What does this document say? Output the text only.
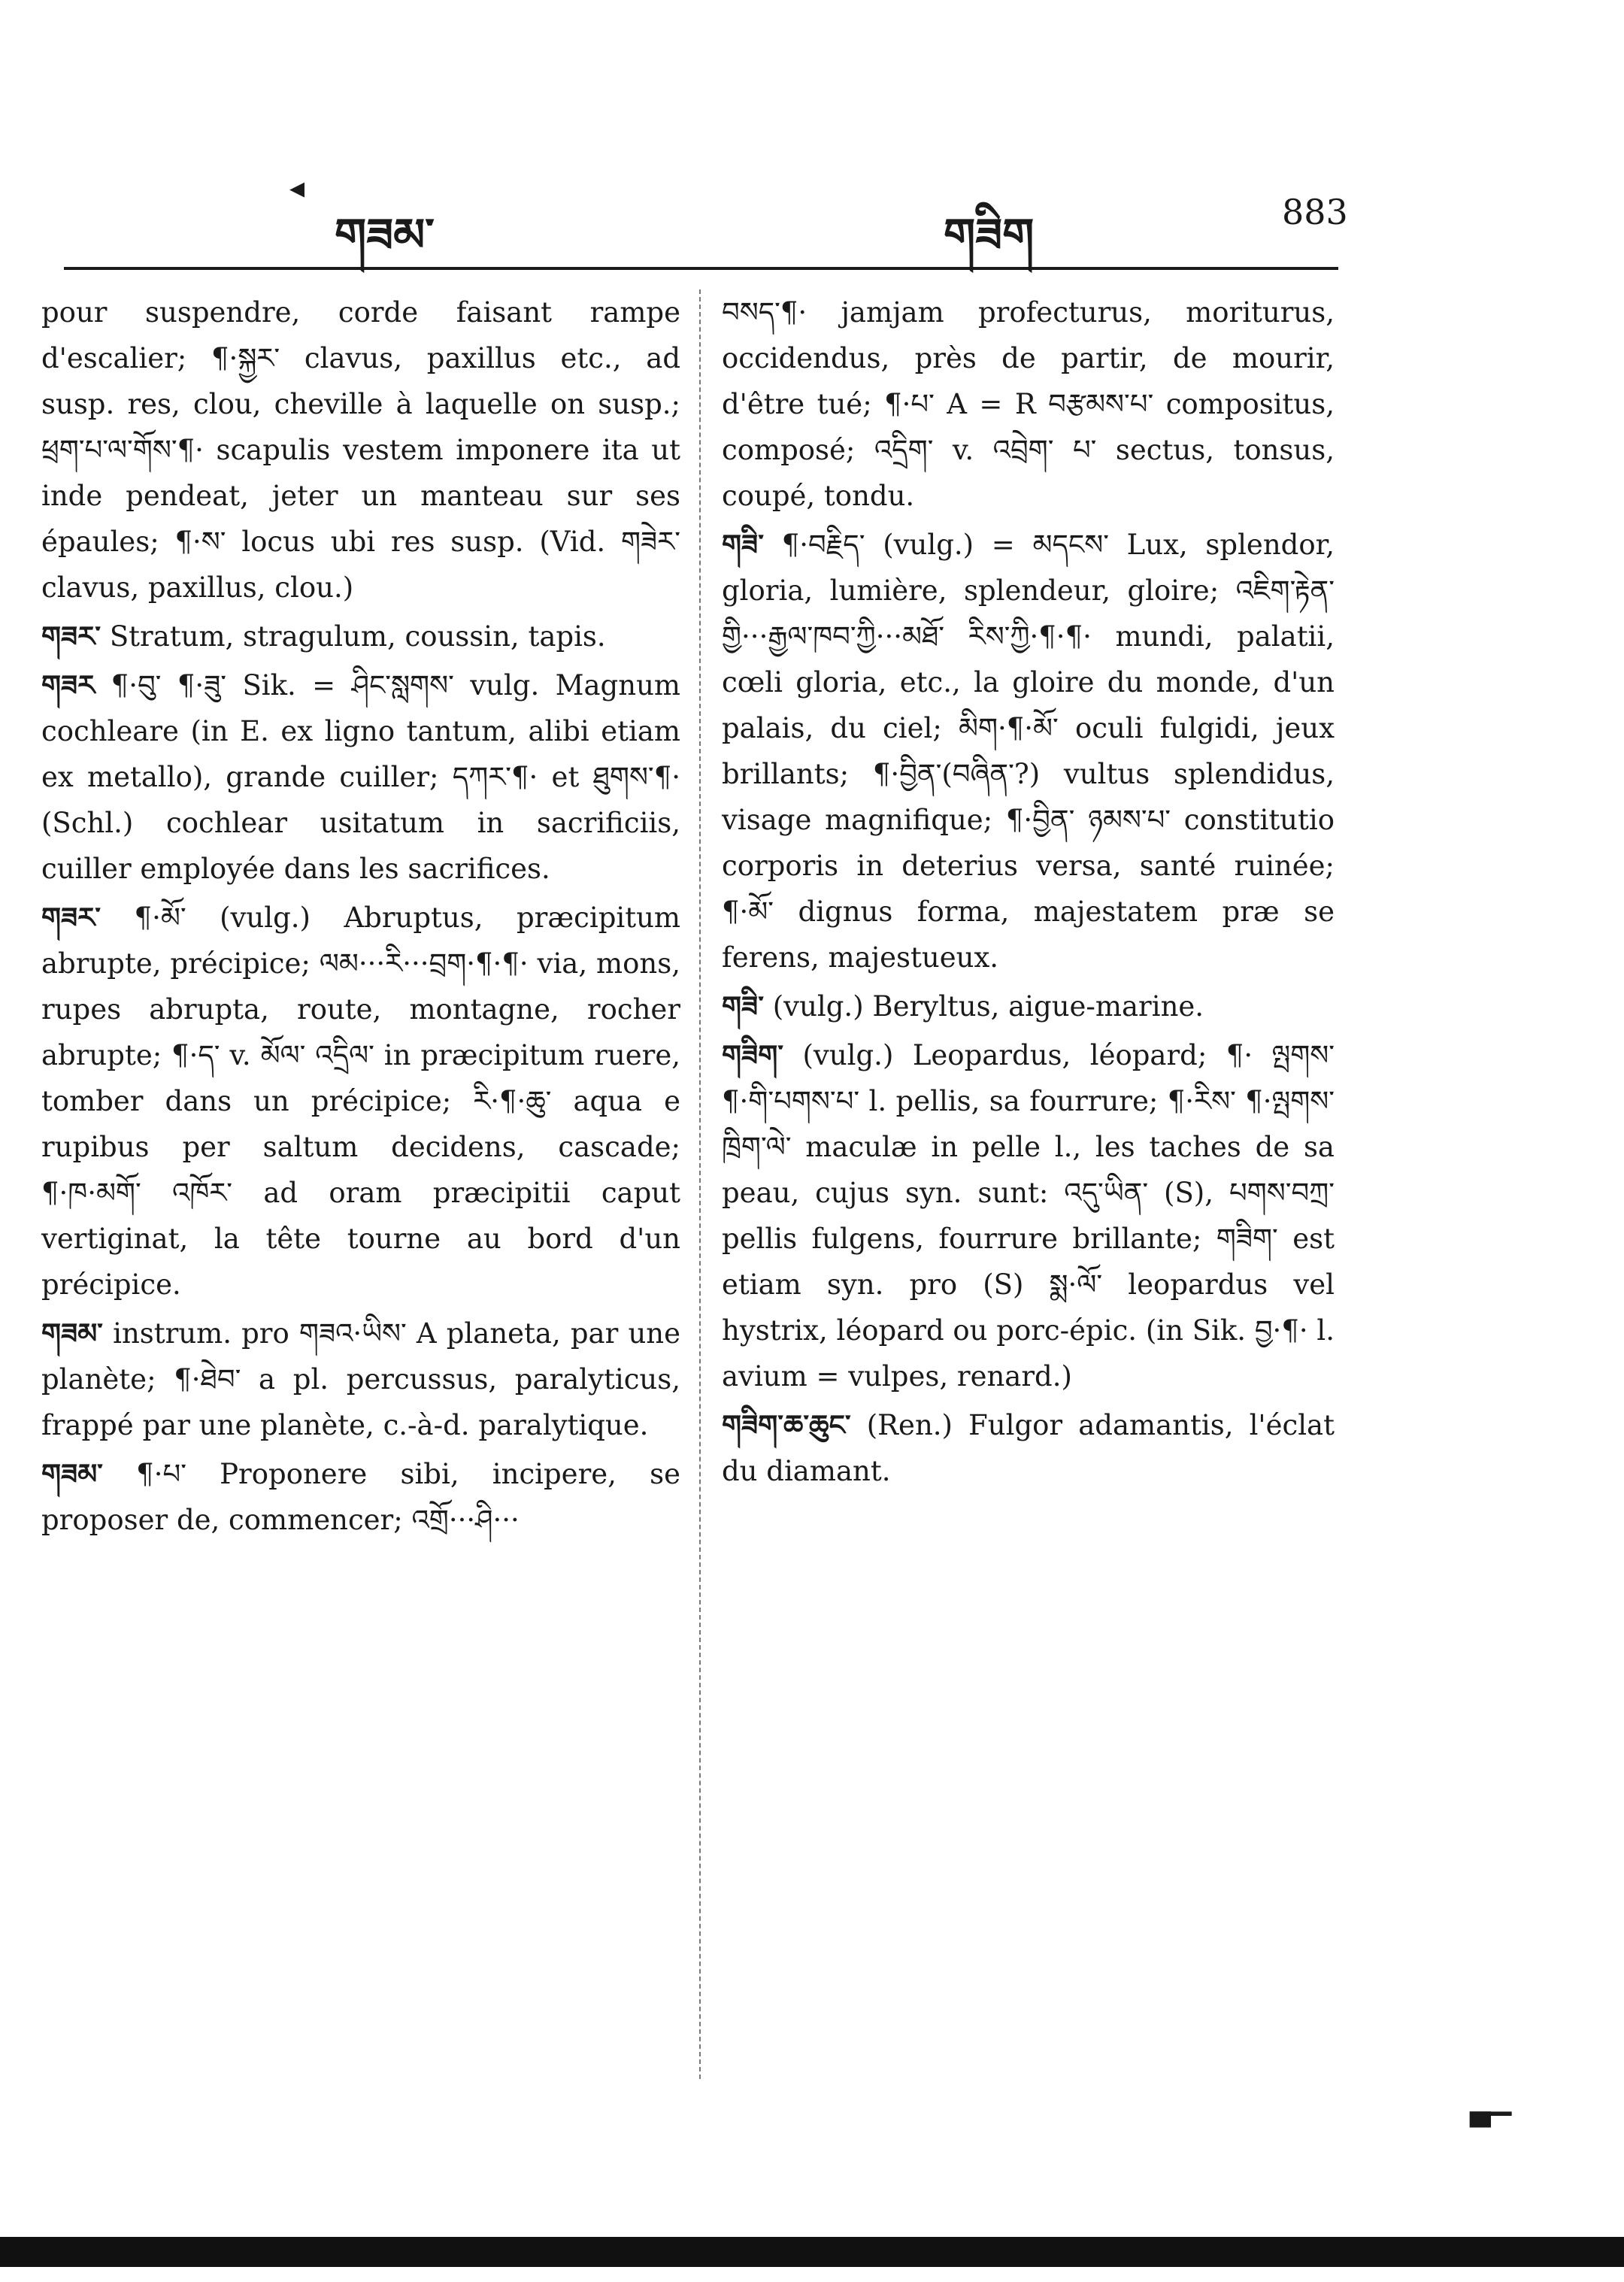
◂
གཟམ་	གཟིག	883
pour suspendre, corde faisant rampe d'escalier; ¶·སྐྱར་ clavus, paxillus etc., ad susp. res, clou, cheville à laquelle on susp.; ཕྲག་པ་ལ་གོས་¶· scapulis vestem imponere ita ut inde pendeat, jeter un manteau sur ses épaules; ¶·ས་ locus ubi res susp. (Vid. གཟེར་ clavus, paxillus, clou.)
གཟར་ Stratum, stragulum, coussin, tapis.
གཟར ¶·བུ་ ¶·ཟུ་ Sik. = ཤིང་སླགས་ vulg. Magnum cochleare (in E. ex ligno tantum, alibi etiam ex metallo), grande cuiller; དཀར་¶· et ཐུགས་¶· (Schl.) cochlear usitatum in sacrificiis, cuiller employée dans les sacrifices.
གཟར་ ¶·མོ་ (vulg.) Abruptus, præcipitum abrupte, précipice; ལམ···རི···བྲག·¶·¶· via, mons, rupes abrupta, route, montagne, rocher abrupte; ¶·ད་ v. མོལ་ འདྲིལ་ in præcipitum ruere, tomber dans un précipice; རི·¶·ཆུ་ aqua e rupibus per saltum decidens, cascade; ¶·ཁ·མགོ་ འཁོར་ ad oram præcipitii caput vertiginat, la tête tourne au bord d'un précipice.
གཟམ་ instrum. pro གཟའ·ཡིས་ A planeta, par une planète; ¶·ཐེབ་ a pl. percussus, paralyticus, frappé par une planète, c.-à-d. paralytique.
གཟམ་ ¶·པ་ Proponere sibi, incipere, se proposer de, commencer; འགྲོ···ཤི···
བསད་¶· jamjam profecturus, moriturus, occidendus, près de partir, de mourir, d'être tué; ¶·པ་ A = R བརྩམས་པ་ compositus, composé; འདྲིག་ v. འབྲེག་ པ་ sectus, tonsus, coupé, tondu.
གཟི་ ¶·བརྗིད་ (vulg.) = མདངས་ Lux, splendor, gloria, lumière, splendeur, gloire; འཇིག་རྟེན་གྱི···རྒྱལ་ཁབ་ཀྱི···མཐོ་ རིས་ཀྱི·¶·¶· mundi, palatii, cœli gloria, etc., la gloire du monde, d'un palais, du ciel; མིག·¶·མོ་ oculi fulgidi, jeux brillants; ¶·བྱིན་(བཞིན་?) vultus splendidus, visage magnifique; ¶·བྱིན་ ཉམས་པ་ constitutio corporis in deterius versa, santé ruinée; ¶·མོ་ dignus forma, majestatem præ se ferens, majestueux.
གཟི་ (vulg.) Beryltus, aigue-marine.
གཟིག་ (vulg.) Leopardus, léopard; ¶· ལྤགས་ ¶·གི་པགས་པ་ l. pellis, sa fourrure; ¶·རིས་ ¶·ལྤགས་ཁྲིག་ལེ་ maculæ in pelle l., les taches de sa peau, cujus syn. sunt: འདུ་ཡིན་ (S), པགས་བཀྲ་ pellis fulgens, fourrure brillante; གཟིག་ est etiam syn. pro (S) སྨ·ལོ་ leopardus vel hystrix, léopard ou porc-épic. (in Sik. བྱ·¶· l. avium = vulpes, renard.)
གཟིག་ཆ་ཆུང་ (Ren.) Fulgor adamantis, l'éclat du diamant.
▀▔
